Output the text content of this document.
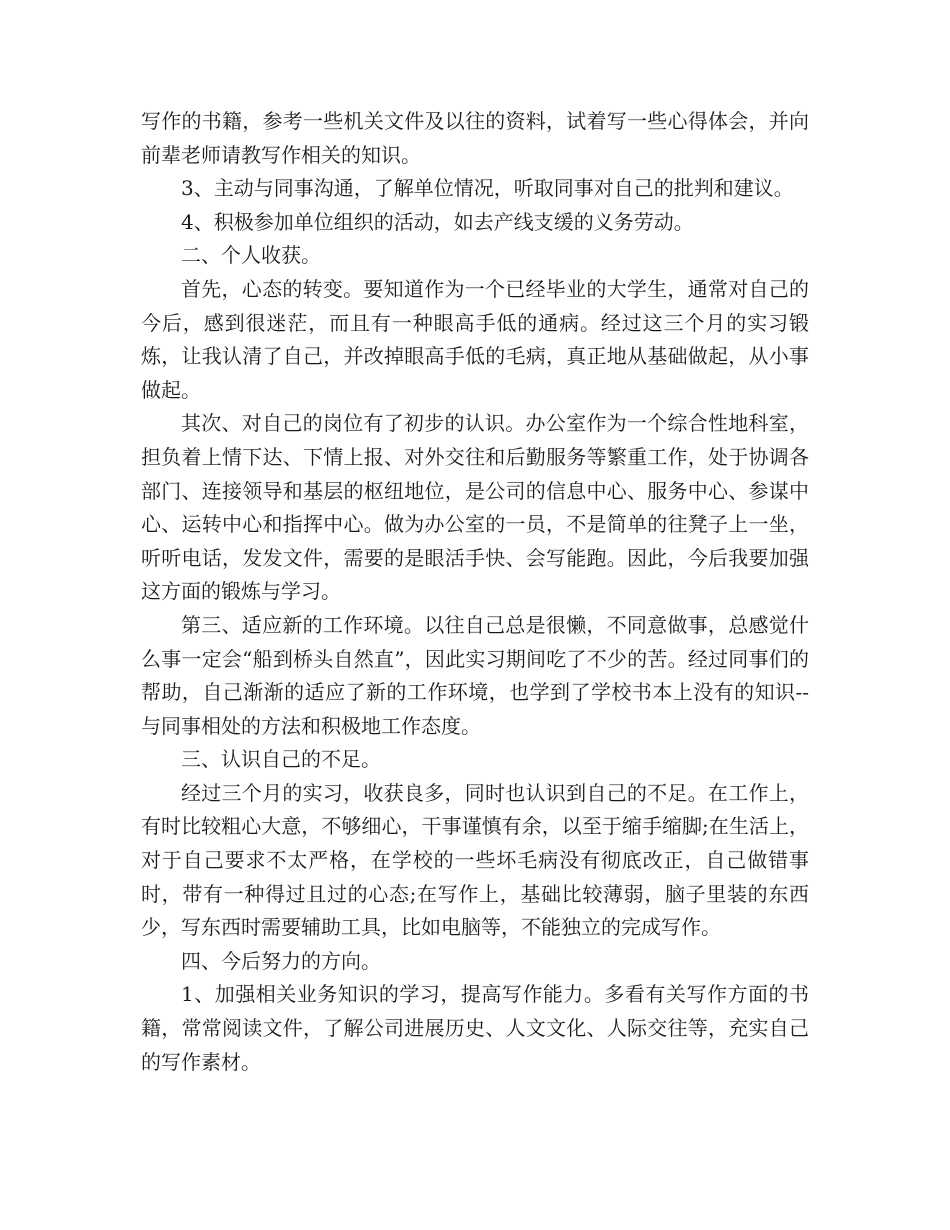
写作的书籍，参考一些机关文件及以往的资料，试着写一些心得体会，并向前辈老师请教写作相关的知识。

3、主动与同事沟通，了解单位情况，听取同事对自己的批判和建议。

4、积极参加单位组织的活动，如去产线支缓的义务劳动。

二、个人收获。

首先，心态的转变。要知道作为一个已经毕业的大学生，通常对自己的今后，感到很迷茫，而且有一种眼高手低的通病。经过这三个月的实习锻炼，让我认清了自己，并改掉眼高手低的毛病，真正地从基础做起，从小事做起。

其次、对自己的岗位有了初步的认识。办公室作为一个综合性地科室，担负着上情下达、下情上报、对外交往和后勤服务等繁重工作，处于协调各部门、连接领导和基层的枢纽地位，是公司的信息中心、服务中心、参谋中心、运转中心和指挥中心。做为办公室的一员，不是简单的往凳子上一坐，听听电话，发发文件，需要的是眼活手快、会写能跑。因此，今后我要加强这方面的锻炼与学习。

第三、适应新的工作环境。以往自己总是很懒，不同意做事，总感觉什么事一定会“船到桥头自然直”，因此实习期间吃了不少的苦。经过同事们的帮助，自己渐渐的适应了新的工作环境，也学到了学校书本上没有的知识--与同事相处的方法和积极地工作态度。

三、认识自己的不足。

经过三个月的实习，收获良多，同时也认识到自己的不足。在工作上，有时比较粗心大意，不够细心，干事谨慎有余，以至于缩手缩脚;在生活上，对于自己要求不太严格，在学校的一些坏毛病没有彻底改正，自己做错事时，带有一种得过且过的心态;在写作上，基础比较薄弱，脑子里装的东西少，写东西时需要辅助工具，比如电脑等，不能独立的完成写作。

四、今后努力的方向。

1、加强相关业务知识的学习，提高写作能力。多看有关写作方面的书籍，常常阅读文件，了解公司进展历史、人文文化、人际交往等，充实自己的写作素材。
